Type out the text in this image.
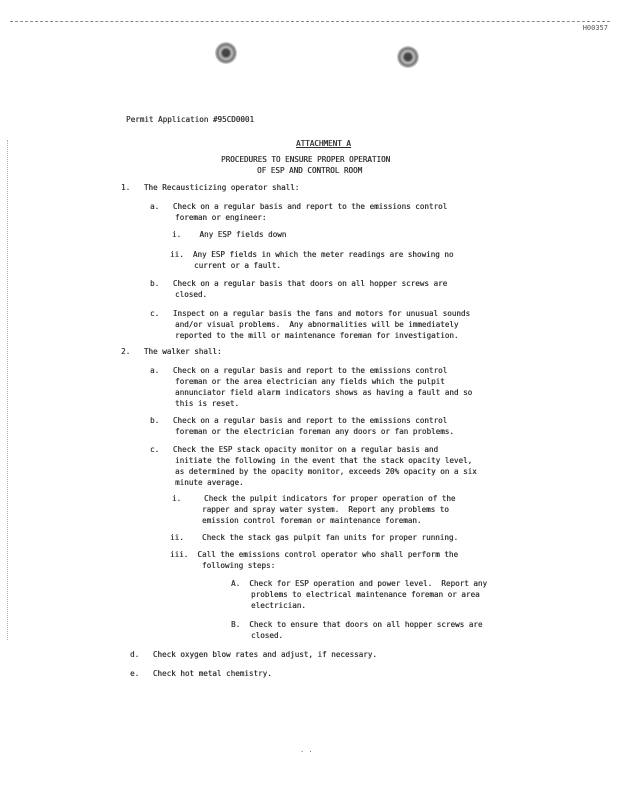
H00357
Permit Application #95CD0001
ATTACHMENT A
PROCEDURES TO ENSURE PROPER OPERATION
OF ESP AND CONTROL ROOM
1.   The Recausticizing operator shall:
a.   Check on a regular basis and report to the emissions control
foreman or engineer:
i.    Any ESP fields down
ii.  Any ESP fields in which the meter readings are showing no
current or a fault.
b.   Check on a regular basis that doors on all hopper screws are
closed.
c.   Inspect on a regular basis the fans and motors for unusual sounds
and/or visual problems.  Any abnormalities will be immediately
reported to the mill or maintenance foreman for investigation.
2.   The walker shall:
a.   Check on a regular basis and report to the emissions control
foreman or the area electrician any fields which the pulpit
annunciator field alarm indicators shows as having a fault and so
this is reset.
b.   Check on a regular basis and report to the emissions control
foreman or the electrician foreman any doors or fan problems.
c.   Check the ESP stack opacity monitor on a regular basis and
initiate the following in the event that the stack opacity level,
as determined by the opacity monitor, exceeds 20% opacity on a six
minute average.
i.     Check the pulpit indicators for proper operation of the
rapper and spray water system.  Report any problems to
emission control foreman or maintenance foreman.
ii.    Check the stack gas pulpit fan units for proper running.
iii.  Call the emissions control operator who shall perform the
following steps:
A.  Check for ESP operation and power level.  Report any
problems to electrical maintenance foreman or area
electrician.
B.  Check to ensure that doors on all hopper screws are
closed.
d.   Check oxygen blow rates and adjust, if necessary.
e.   Check hot metal chemistry.
. .
